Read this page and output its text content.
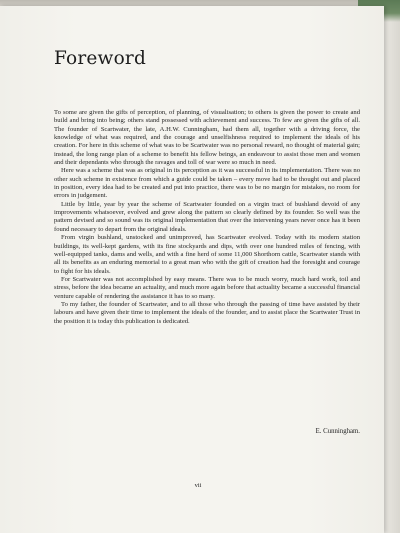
Foreword

To some are given the gifts of perception, of planning, of visualisation; to others is given the power to create and build and bring into being; others stand possessed with achievement and success. To few are given the gifts of all. The founder of Scartwater, the late, A.H.W. Cunningham, had them all, together with a driving force, the knowledge of what was required, and the courage and unselfishness required to implement the ideals of his creation. For here in this scheme of what was to be Scartwater was no personal reward, no thought of material gain; instead, the long range plan of a scheme to benefit his fellow beings, an endeavour to assist those men and women and their dependants who through the ravages and toll of war were so much in need.

Here was a scheme that was as original in its perception as it was successful in its implementation. There was no other such scheme in existence from which a guide could be taken – every move had to be thought out and placed in position, every idea had to be created and put into practice, there was to be no margin for mistakes, no room for errors in judgement.

Little by little, year by year the scheme of Scartwater founded on a virgin tract of bushland devoid of any improvements whatsoever, evolved and grew along the pattern so clearly defined by its founder. So well was the pattern devised and so sound was its original implementation that over the intervening years never once has it been found necessary to depart from the original ideals.

From virgin bushland, unstocked and unimproved, has Scartwater evolved. Today with its modern station buildings, its well-kept gardens, with its fine stockyards and dips, with over one hundred miles of fencing, with well-equipped tanks, dams and wells, and with a fine herd of some 11,000 Shorthorn cattle, Scartwater stands with all its benefits as an enduring memorial to a great man who with the gift of creation had the foresight and courage to fight for his ideals.

For Scartwater was not accomplished by easy means. There was to be much worry, much hard work, toil and stress, before the idea became an actuality, and much more again before that actuality became a successful financial venture capable of rendering the assistance it has to so many.

To my father, the founder of Scartwater, and to all those who through the passing of time have assisted by their labours and have given their time to implement the ideals of the founder, and to assist place the Scartwater Trust in the position it is today this publication is dedicated.

E. Cunningham.
vii
